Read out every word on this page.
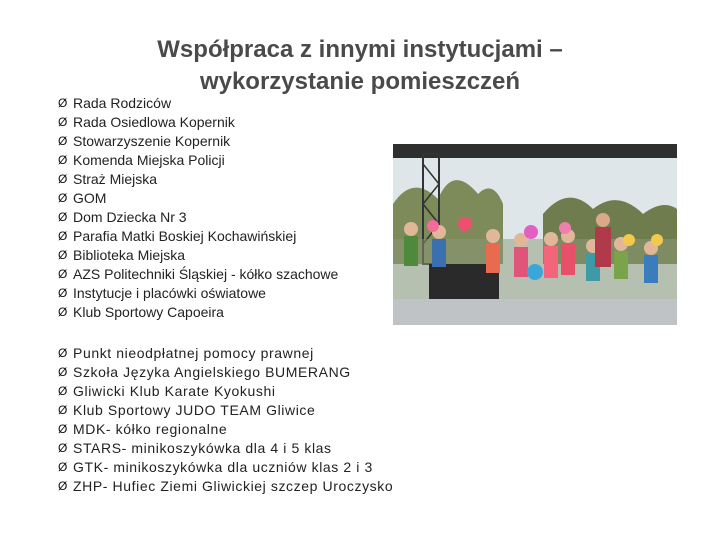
Współpraca z innymi instytucjami –
wykorzystanie pomieszczeń
Ø Rada Rodziców
Ø Rada Osiedlowa Kopernik
Ø Stowarzyszenie Kopernik
Ø Komenda Miejska Policji
Ø Straż Miejska
Ø GOM
Ø Dom Dziecka Nr 3
Ø Parafia Matki Boskiej Kochawińskiej
Ø Biblioteka Miejska
Ø AZS Politechniki Śląskiej - kółko szachowe
Ø Instytucje i placówki oświatowe
Ø Klub Sportowy Capoeira
Ø Punkt nieodpłatnej pomocy prawnej
Ø Szkoła Języka Angielskiego BUMERANG
Ø Gliwicki Klub Karate Kyokushi
Ø Klub Sportowy JUDO TEAM Gliwice
Ø MDK- kółko regionalne
Ø STARS- minikoszykówka dla 4 i 5 klas
Ø GTK- minikoszykówka dla uczniów klas 2 i 3
Ø ZHP- Hufiec Ziemi Gliwickiej szczep Uroczysko
